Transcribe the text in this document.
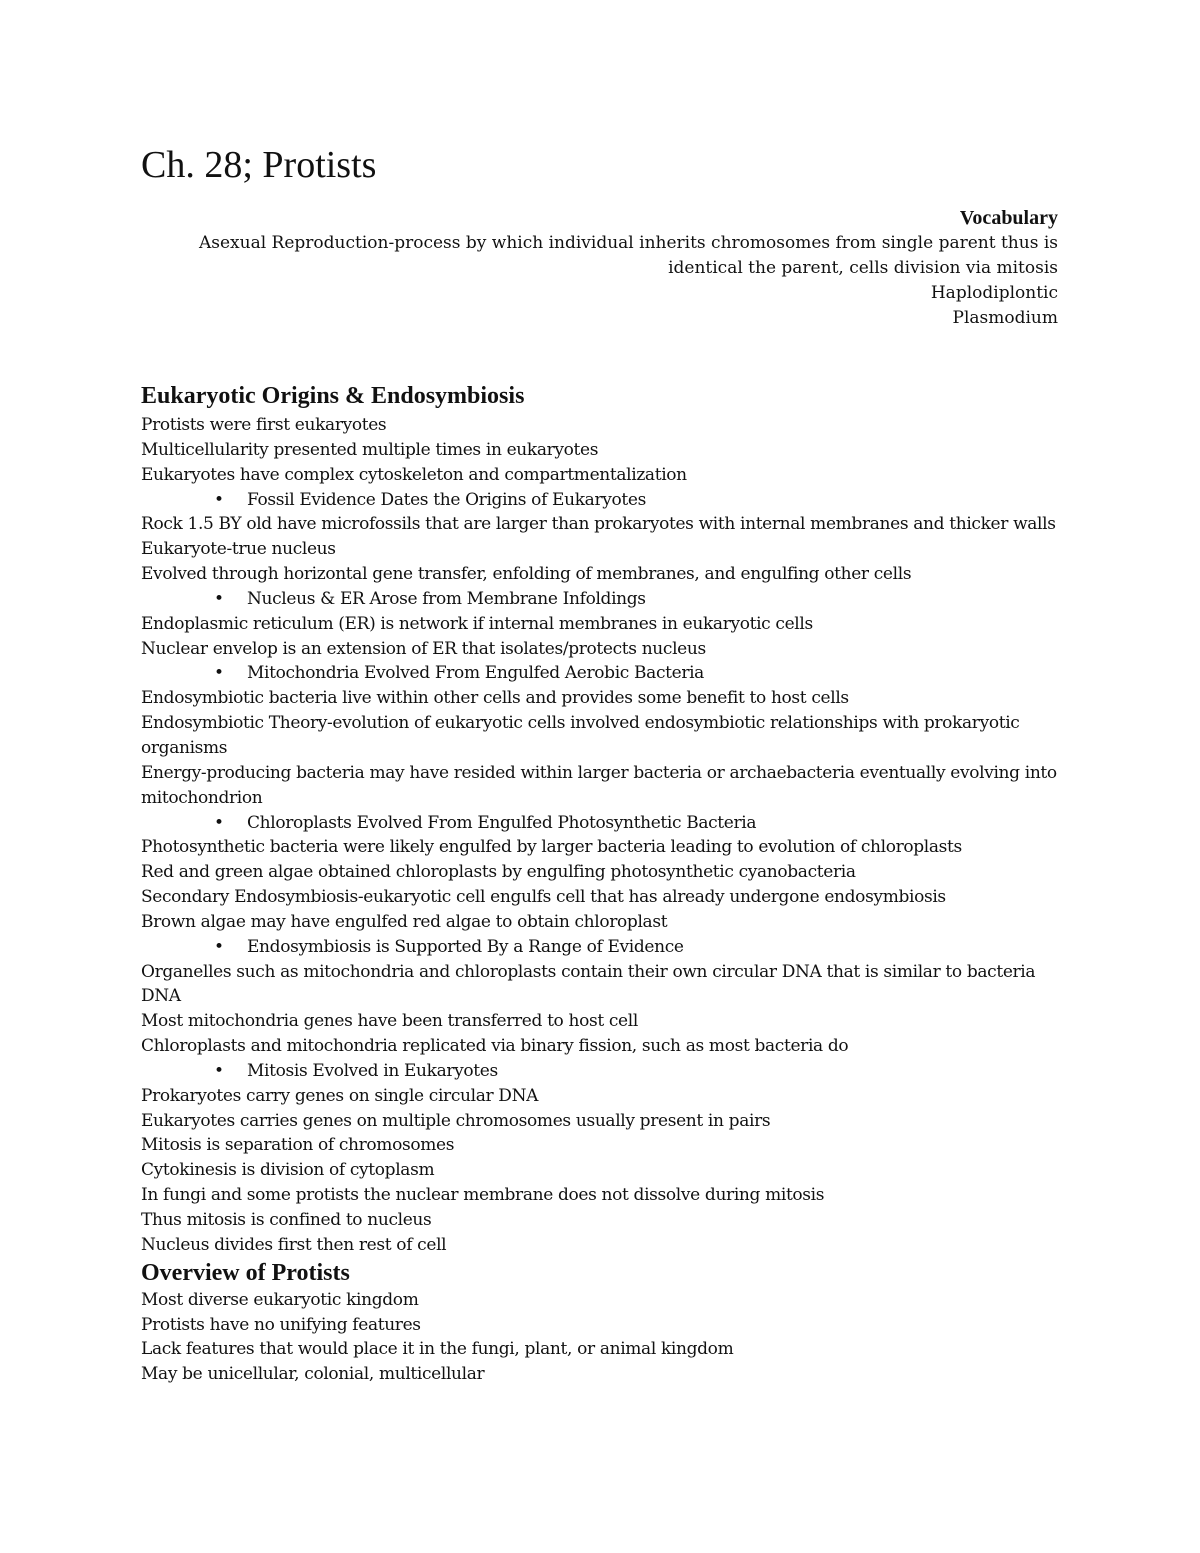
Ch. 28; Protists
Vocabulary
Asexual Reproduction-process by which individual inherits chromosomes from single parent thus is
identical the parent, cells division via mitosis
Haplodiplontic
Plasmodium
Eukaryotic Origins & Endosymbiosis
Protists were first eukaryotes
Multicellularity presented multiple times in eukaryotes
Eukaryotes have complex cytoskeleton and compartmentalization
• Fossil Evidence Dates the Origins of Eukaryotes
Rock 1.5 BY old have microfossils that are larger than prokaryotes with internal membranes and thicker walls
Eukaryote-true nucleus
Evolved through horizontal gene transfer, enfolding of membranes, and engulfing other cells
• Nucleus & ER Arose from Membrane Infoldings
Endoplasmic reticulum (ER) is network if internal membranes in eukaryotic cells
Nuclear envelop is an extension of ER that isolates/protects nucleus
• Mitochondria Evolved From Engulfed Aerobic Bacteria
Endosymbiotic bacteria live within other cells and provides some benefit to host cells
Endosymbiotic Theory-evolution of eukaryotic cells involved endosymbiotic relationships with prokaryotic organisms
Energy-producing bacteria may have resided within larger bacteria or archaebacteria eventually evolving into mitochondrion
• Chloroplasts Evolved From Engulfed Photosynthetic Bacteria
Photosynthetic bacteria were likely engulfed by larger bacteria leading to evolution of chloroplasts
Red and green algae obtained chloroplasts by engulfing photosynthetic cyanobacteria
Secondary Endosymbiosis-eukaryotic cell engulfs cell that has already undergone endosymbiosis
Brown algae may have engulfed red algae to obtain chloroplast
• Endosymbiosis is Supported By a Range of Evidence
Organelles such as mitochondria and chloroplasts contain their own circular DNA that is similar to bacteria DNA
Most mitochondria genes have been transferred to host cell
Chloroplasts and mitochondria replicated via binary fission, such as most bacteria do
• Mitosis Evolved in Eukaryotes
Prokaryotes carry genes on single circular DNA
Eukaryotes carries genes on multiple chromosomes usually present in pairs
Mitosis is separation of chromosomes
Cytokinesis is division of cytoplasm
In fungi and some protists the nuclear membrane does not dissolve during mitosis
Thus mitosis is confined to nucleus
Nucleus divides first then rest of cell
Overview of Protists
Most diverse eukaryotic kingdom
Protists have no unifying features
Lack features that would place it in the fungi, plant, or animal kingdom
May be unicellular, colonial, multicellular
